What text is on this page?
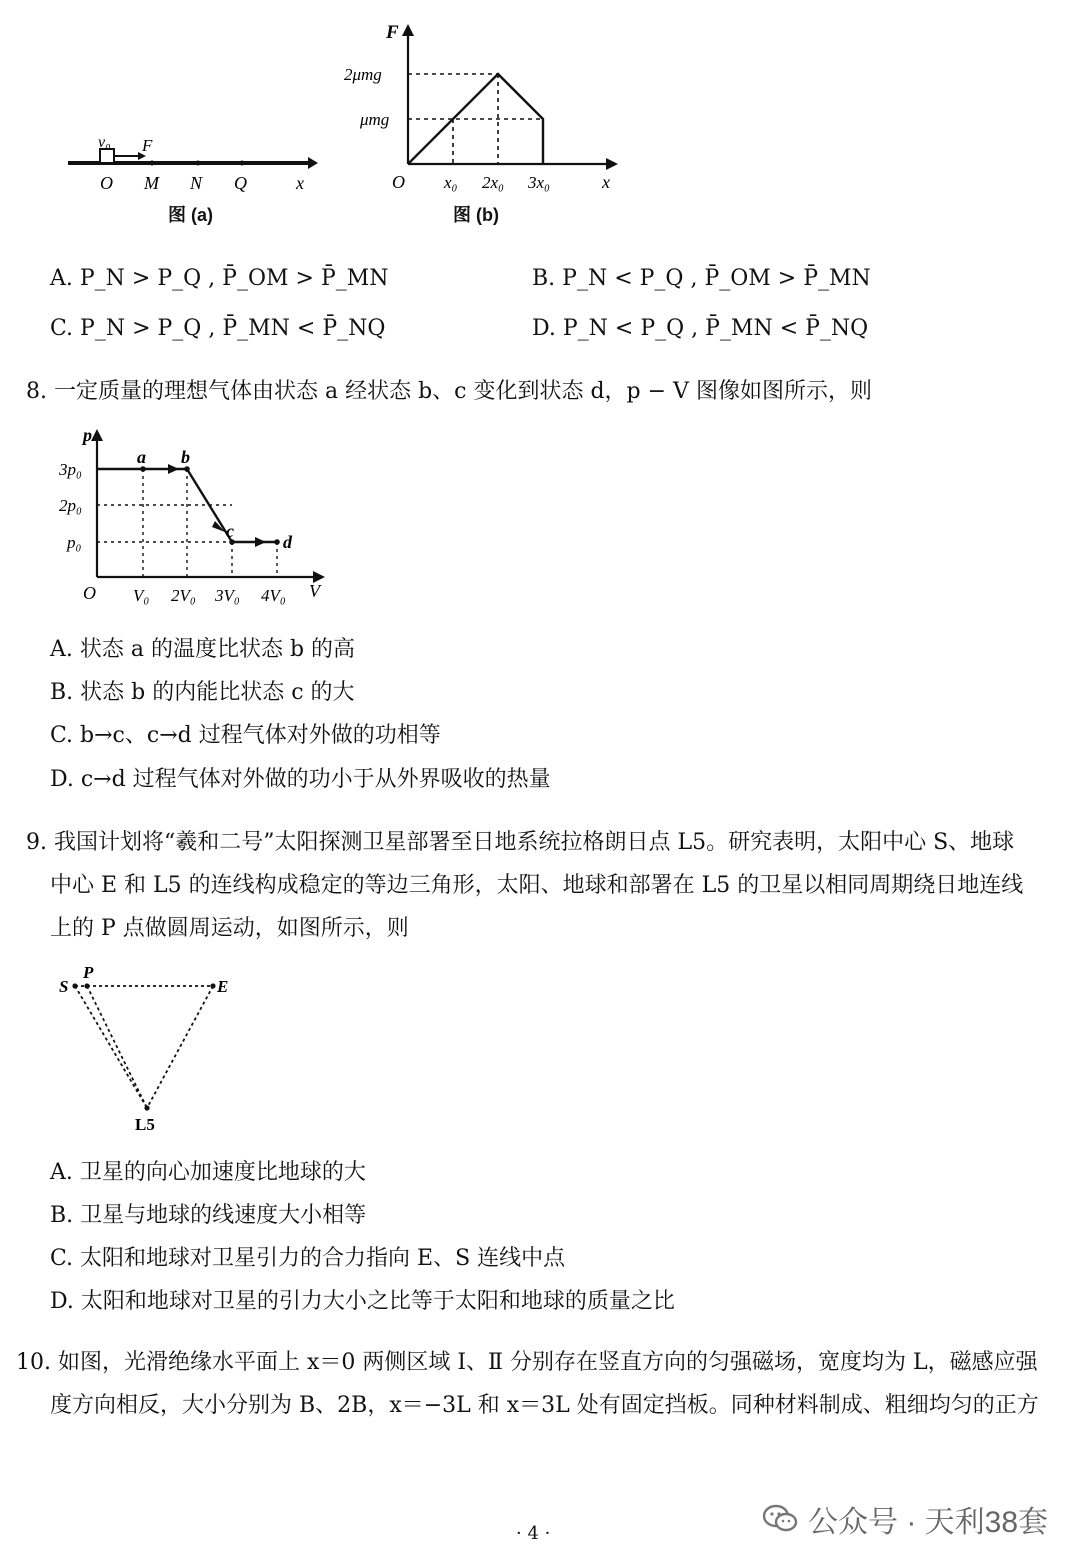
v₀ F
O M N Q	x
图 (a)
F
2μmg
μmg
O x₀ 2x₀ 3x₀	x
图 (b)
A. P_N > P_Q , P̄_OM > P̄_MN	B. P_N < P_Q , P̄_OM > P̄_MN
C. P_N > P_Q , P̄_MN < P̄_NQ	D. P_N < P_Q , P̄_MN < P̄_NQ
8. 一定质量的理想气体由状态 a 经状态 b、c 变化到状态 d，p − V 图像如图所示，则
p
3p₀
2p₀
p₀
O V₀ 2V₀ 3V₀ 4V₀ V
a b
c
d
A. 状态 a 的温度比状态 b 的高
B. 状态 b 的内能比状态 c 的大
C. b→c、c→d 过程气体对外做的功相等
D. c→d 过程气体对外做的功小于从外界吸收的热量
9. 我国计划将“羲和二号”太阳探测卫星部署至日地系统拉格朗日点 L5。研究表明，太阳中心 S、地球
中心 E 和 L5 的连线构成稳定的等边三角形，太阳、地球和部署在 L5 的卫星以相同周期绕日地连线
上的 P 点做圆周运动，如图所示，则
S
P
E
L5
A. 卫星的向心加速度比地球的大
B. 卫星与地球的线速度大小相等
C. 太阳和地球对卫星引力的合力指向 E、S 连线中点
D. 太阳和地球对卫星的引力大小之比等于太阳和地球的质量之比
10. 如图，光滑绝缘水平面上 x＝0 两侧区域 Ⅰ、Ⅱ 分别存在竖直方向的匀强磁场，宽度均为 L，磁感应强
度方向相反，大小分别为 B、2B，x＝−3L 和 x＝3L 处有固定挡板。同种材料制成、粗细均匀的正方
公众号 · 天利38套
· 4 ·
